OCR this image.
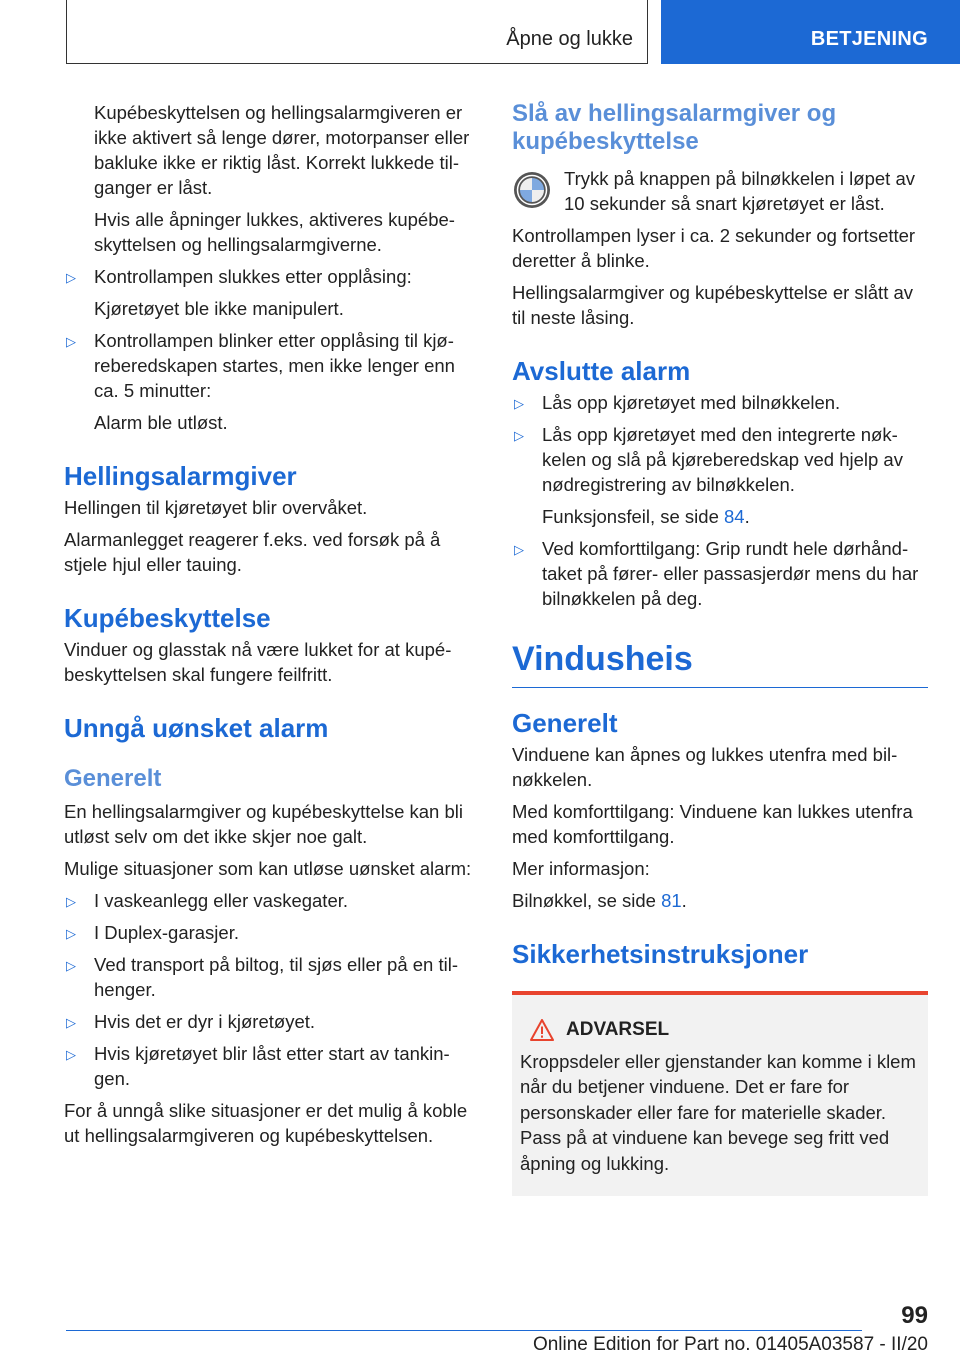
Åpne og lukke	BETJENING

Kupébeskyttelsen og hellingsalarmgiveren er ikke aktivert så lenge dører, motorpanser eller bakluke ikke er riktig låst. Korrekt lukkede tilganger er låst.

Hvis alle åpninger lukkes, aktiveres kupébeskyttelsen og hellingsalarmgiverne.

▷ Kontrollampen slukkes etter opplåsing:

Kjøretøyet ble ikke manipulert.

▷ Kontrollampen blinker etter opplåsing til kjøreberedskapen startes, men ikke lenger enn ca. 5 minutter:

Alarm ble utløst.

Hellingsalarmgiver

Hellingen til kjøretøyet blir overvåket.

Alarmanlegget reagerer f.eks. ved forsøk på å stjele hjul eller tauing.

Kupébeskyttelse

Vinduer og glasstak nå være lukket for at kupébeskyttelsen skal fungere feilfritt.

Unngå uønsket alarm
Generelt

En hellingsalarmgiver og kupébeskyttelse kan bli utløst selv om det ikke skjer noe galt.

Mulige situasjoner som kan utløse uønsket alarm:

▷ I vaskeanlegg eller vaskegater.
▷ I Duplex-garasjer.
▷ Ved transport på biltog, til sjøs eller på en tilhenger.
▷ Hvis det er dyr i kjøretøyet.
▷ Hvis kjøretøyet blir låst etter start av tankingen.

For å unngå slike situasjoner er det mulig å koble ut hellingsalarmgiveren og kupébeskyttelsen.

Slå av hellingsalarmgiver og kupébeskyttelse
Trykk på knappen på bilnøkkelen i løpet av 10 sekunder så snart kjøretøyet er låst.

Kontrollampen lyser i ca. 2 sekunder og fortsetter deretter å blinke.

Hellingsalarmgiver og kupébeskyttelse er slått av til neste låsing.

Avslutte alarm
▷ Lås opp kjøretøyet med bilnøkkelen.
▷ Lås opp kjøretøyet med den integrerte nøkkelen og slå på kjøreberedskap ved hjelp av nødregistrering av bilnøkkelen.

Funksjonsfeil, se side 84.

▷ Ved komforttilgang: Grip rundt hele dørhåndtaket på fører- eller passasjerdør mens du har bilnøkkelen på deg.
Vindusheis
Generelt

Vinduene kan åpnes og lukkes utenfra med bilnøkkelen.

Med komforttilgang: Vinduene kan lukkes utenfra med komforttilgang.

Mer informasjon:

Bilnøkkel, se side 81.

Sikkerhetsinstruksjoner
ADVARSEL
Kroppsdeler eller gjenstander kan komme i klem når du betjener vinduene. Det er fare for personskader eller fare for materielle skader. Pass på at vinduene kan bevege seg fritt ved åpning og lukking.
99
Online Edition for Part no. 01405A03587 - II/20
